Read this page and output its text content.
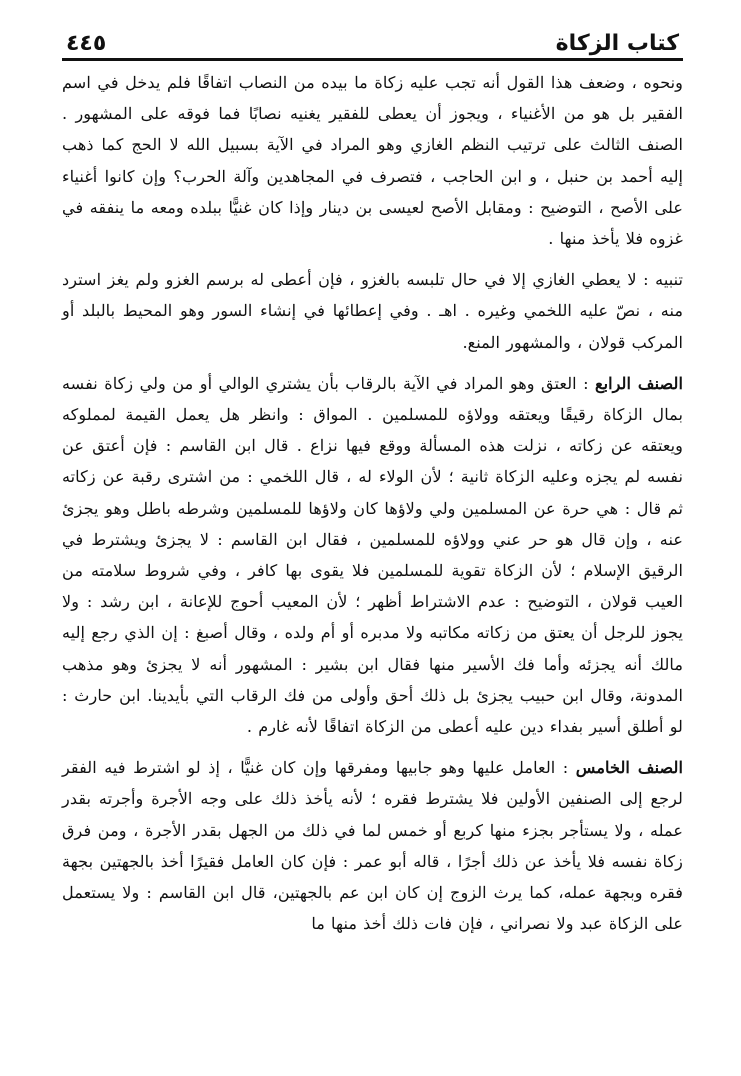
كتاب الزكاة
٤٤٥

ونحوه ، وضعف هذا القول أنه تجب عليه زكاة ما بيده من النصاب اتفاقًا فلم يدخل في اسم الفقير بل هو من الأغنياء ، ويجوز أن يعطى للفقير يغنيه نصابًا فما فوقه على المشهور . الصنف الثالث على ترتيب النظم الغازي وهو المراد في الآية بسبيل الله لا الحج كما ذهب إليه أحمد بن حنبل ، و ابن الحاجب ، فتصرف في المجاهدين وآلة الحرب؟ وإن كانوا أغنياء على الأصح ، التوضيح : ومقابل الأصح لعيسى بن دينار وإذا كان غنيًّا ببلده ومعه ما ينفقه في غزوه فلا يأخذ منها .

تنبيه : لا يعطي الغازي إلا في حال تلبسه بالغزو ، فإن أعطى له برسم الغزو ولم يغز استرد منه ، نصّ عليه اللخمي وغيره . اهـ . وفي إعطائها في إنشاء السور وهو المحيط بالبلد أو المركب قولان ، والمشهور المنع.

الصنف الرابع : العتق وهو المراد في الآية بالرقاب بأن يشتري الوالي أو من ولي زكاة نفسه بمال الزكاة رقيقًا ويعتقه وولاؤه للمسلمين . المواق : وانظر هل يعمل القيمة لمملوكه ويعتقه عن زكاته ، نزلت هذه المسألة ووقع فيها نزاع . قال ابن القاسم : فإن أعتق عن نفسه لم يجزه وعليه الزكاة ثانية ؛ لأن الولاء له ، قال اللخمي : من اشترى رقبة عن زكاته ثم قال : هي حرة عن المسلمين ولي ولاؤها كان ولاؤها للمسلمين وشرطه باطل وهو يجزئ عنه ، وإن قال هو حر عني وولاؤه للمسلمين ، فقال ابن القاسم : لا يجزئ ويشترط في الرقيق الإسلام ؛ لأن الزكاة تقوية للمسلمين فلا يقوى بها كافر ، وفي شروط سلامته من العيب قولان ، التوضيح : عدم الاشتراط أظهر ؛ لأن المعيب أحوج للإعانة ، ابن رشد : ولا يجوز للرجل أن يعتق من زكاته مكاتبه ولا مدبره أو أم ولده ، وقال أصبغ : إن الذي رجع إليه مالك أنه يجزئه وأما فك الأسير منها فقال ابن بشير : المشهور أنه لا يجزئ وهو مذهب المدونة، وقال ابن حبيب يجزئ بل ذلك أحق وأولى من فك الرقاب التي بأيدينا. ابن حارث : لو أطلق أسير بفداء دين عليه أعطى من الزكاة اتفاقًا لأنه غارم .

الصنف الخامس : العامل عليها وهو جابيها ومفرقها وإن كان غنيًّا ، إذ لو اشترط فيه الفقر لرجع إلى الصنفين الأولين فلا يشترط فقره ؛ لأنه يأخذ ذلك على وجه الأجرة وأجرته بقدر عمله ، ولا يستأجر بجزء منها كربع أو خمس لما في ذلك من الجهل بقدر الأجرة ، ومن فرق زكاة نفسه فلا يأخذ عن ذلك أجرًا ، قاله أبو عمر : فإن كان العامل فقيرًا أخذ بالجهتين بجهة فقره وبجهة عمله، كما يرث الزوج إن كان ابن عم بالجهتين، قال ابن القاسم : ولا يستعمل على الزكاة عبد ولا نصراني ، فإن فات ذلك أخذ منها ما
